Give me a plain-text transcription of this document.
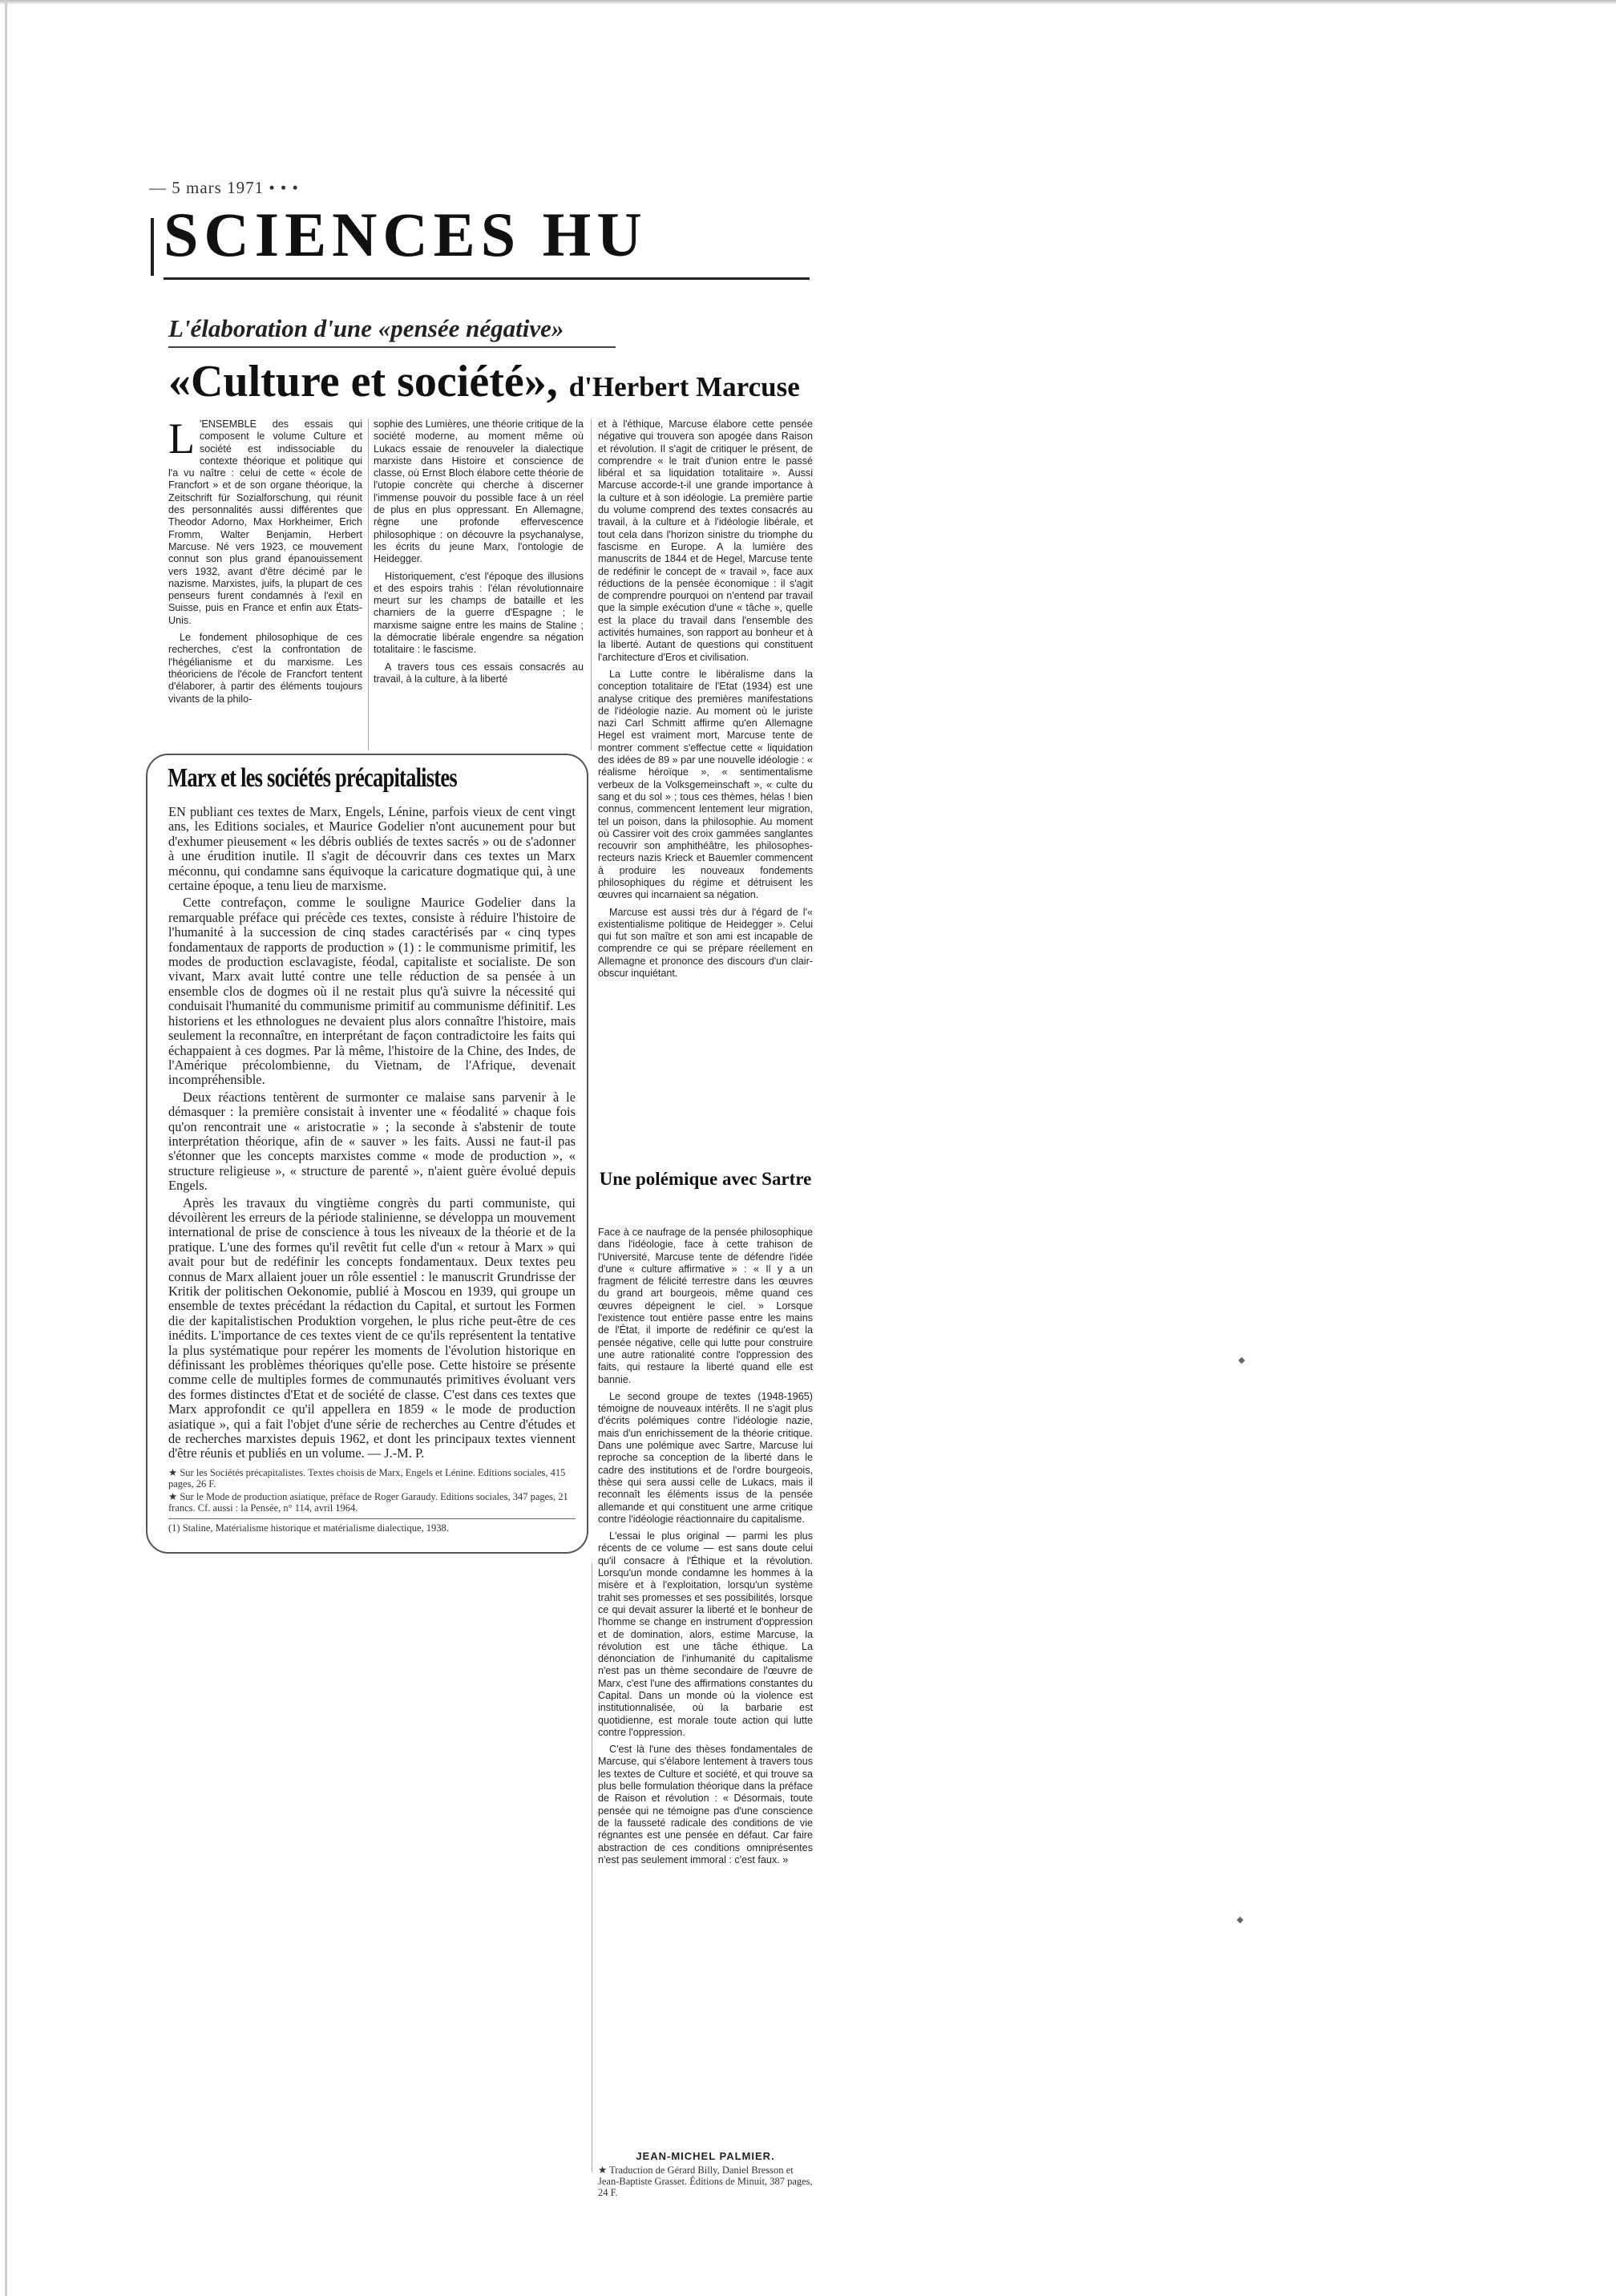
— 5 mars 1971 • • •
SCIENCES HU
L'élaboration d'une «pensée négative»
«Culture et société», d'Herbert Marcuse
L 'ENSEMBLE des essais qui composent le volume Culture et société est indissociable du contexte théorique et politique qui l'a vu naître : celui de cette « école de Francfort » et de son organe théorique, la Zeitschrift für Sozialforschung, qui réunit des personnalités aussi différentes que Theodor Adorno, Max Horkheimer, Erich Fromm, Walter Benjamin, Herbert Marcuse. Né vers 1923, ce mouvement connut son plus grand épanouissement vers 1932, avant d'être décimé par le nazisme. Marxistes, juifs, la plupart de ces penseurs furent condamnés à l'exil en Suisse, puis en France et enfin aux États-Unis.

Le fondement philosophique de ces recherches, c'est la confrontation de l'hégélianisme et du marxisme. Les théoriciens de l'école de Francfort tentent d'élaborer, à partir des éléments toujours vivants de la philo-

sophie des Lumières, une théorie critique de la société moderne, au moment même où Lukacs essaie de renouveler la dialectique marxiste dans Histoire et conscience de classe, où Ernst Bloch élabore cette théorie de l'utopie concrète qui cherche à discerner l'immense pouvoir du possible face à un réel de plus en plus oppressant. En Allemagne, règne une profonde effervescence philosophique : on découvre la psychanalyse, les écrits du jeune Marx, l'ontologie de Heidegger.

Historiquement, c'est l'époque des illusions et des espoirs trahis : l'élan révolutionnaire meurt sur les champs de bataille et les charniers de la guerre d'Espagne ; le marxisme saigne entre les mains de Staline ; la démocratie libérale engendre sa négation totalitaire : le fascisme.

A travers tous ces essais consacrés au travail, à la culture, à la liberté

et à l'éthique, Marcuse élabore cette pensée négative qui trouvera son apogée dans Raison et révolution. Il s'agit de critiquer le présent, de comprendre « le trait d'union entre le passé libéral et sa liquidation totalitaire ». Aussi Marcuse accorde-t-il une grande importance à la culture et à son idéologie. La première partie du volume comprend des textes consacrés au travail, à la culture et à l'idéologie libérale, et tout cela dans l'horizon sinistre du triomphe du fascisme en Europe. A la lumière des manuscrits de 1844 et de Hegel, Marcuse tente de redéfinir le concept de « travail », face aux réductions de la pensée économique : il s'agit de comprendre pourquoi on n'entend par travail que la simple exécution d'une « tâche », quelle est la place du travail dans l'ensemble des activités humaines, son rapport au bonheur et à la liberté. Autant de questions qui constituent l'architecture d'Eros et civilisation.

La Lutte contre le libéralisme dans la conception totalitaire de l'Etat (1934) est une analyse critique des premières manifestations de l'idéologie nazie. Au moment où le juriste nazi Carl Schmitt affirme qu'en Allemagne Hegel est vraiment mort, Marcuse tente de montrer comment s'effectue cette « liquidation des idées de 89 » par une nouvelle idéologie : « réalisme héroïque », « sentimentalisme verbeux de la Volksgemeinschaft », « culte du sang et du sol » ; tous ces thèmes, hélas ! bien connus, commencent lentement leur migration, tel un poison, dans la philosophie. Au moment où Cassirer voit des croix gammées sanglantes recouvrir son amphithéâtre, les philosophes-recteurs nazis Krieck et Bauemler commencent à produire les nouveaux fondements philosophiques du régime et détruisent les œuvres qui incarnaient sa négation.

Marcuse est aussi très dur à l'égard de l'« existentialisme politique de Heidegger ». Celui qui fut son maître et son ami est incapable de comprendre ce qui se prépare réellement en Allemagne et prononce des discours d'un clair-obscur inquiétant.

Une polémique avec Sartre

Face à ce naufrage de la pensée philosophique dans l'idéologie, face à cette trahison de l'Université, Marcuse tente de défendre l'idée d'une « culture affirmative » : « Il y a un fragment de félicité terrestre dans les œuvres du grand art bourgeois, même quand ces œuvres dépeignent le ciel. » Lorsque l'existence tout entière passe entre les mains de l'État, il importe de redéfinir ce qu'est la pensée négative, celle qui lutte pour construire une autre rationalité contre l'oppression des faits, qui restaure la liberté quand elle est bannie.

Le second groupe de textes (1948-1965) témoigne de nouveaux intérêts. Il ne s'agit plus d'écrits polémiques contre l'idéologie nazie, mais d'un enrichissement de la théorie critique. Dans une polémique avec Sartre, Marcuse lui reproche sa conception de la liberté dans le cadre des institutions et de l'ordre bourgeois, thèse qui sera aussi celle de Lukacs, mais il reconnaît les éléments issus de la pensée allemande et qui constituent une arme critique contre l'idéologie réactionnaire du capitalisme.

L'essai le plus original — parmi les plus récents de ce volume — est sans doute celui qu'il consacre à l'Éthique et la révolution. Lorsqu'un monde condamne les hommes à la misère et à l'exploitation, lorsqu'un système trahit ses promesses et ses possibilités, lorsque ce qui devait assurer la liberté et le bonheur de l'homme se change en instrument d'oppression et de domination, alors, estime Marcuse, la révolution est une tâche éthique. La dénonciation de l'inhumanité du capitalisme n'est pas un thème secondaire de l'œuvre de Marx, c'est l'une des affirmations constantes du Capital. Dans un monde où la violence est institutionnalisée, où la barbarie est quotidienne, est morale toute action qui lutte contre l'oppression.

C'est là l'une des thèses fondamentales de Marcuse, qui s'élabore lentement à travers tous les textes de Culture et société, et qui trouve sa plus belle formulation théorique dans la préface de Raison et révolution : « Désormais, toute pensée qui ne témoigne pas d'une conscience de la fausseté radicale des conditions de vie régnantes est une pensée en défaut. Car faire abstraction de ces conditions omniprésentes n'est pas seulement immoral : c'est faux. »

JEAN-MICHEL PALMIER.
★ Traduction de Gérard Billy, Daniel Bresson et Jean-Baptiste Grasset. Éditions de Minuit, 387 pages, 24 F.
Marx et les sociétés précapitalistes

EN publiant ces textes de Marx, Engels, Lénine, parfois vieux de cent vingt ans, les Editions sociales, et Maurice Godelier n'ont aucunement pour but d'exhumer pieusement « les débris oubliés de textes sacrés » ou de s'adonner à une érudition inutile. Il s'agit de découvrir dans ces textes un Marx méconnu, qui condamne sans équivoque la caricature dogmatique qui, à une certaine époque, a tenu lieu de marxisme.

Cette contrefaçon, comme le souligne Maurice Godelier dans la remarquable préface qui précède ces textes, consiste à réduire l'histoire de l'humanité à la succession de cinq stades caractérisés par « cinq types fondamentaux de rapports de production » (1) : le communisme primitif, les modes de production esclavagiste, féodal, capitaliste et socialiste. De son vivant, Marx avait lutté contre une telle réduction de sa pensée à un ensemble clos de dogmes où il ne restait plus qu'à suivre la nécessité qui conduisait l'humanité du communisme primitif au communisme définitif. Les historiens et les ethnologues ne devaient plus alors connaître l'histoire, mais seulement la reconnaître, en interprétant de façon contradictoire les faits qui échappaient à ces dogmes. Par là même, l'histoire de la Chine, des Indes, de l'Amérique précolombienne, du Vietnam, de l'Afrique, devenait incompréhensible.

Deux réactions tentèrent de surmonter ce malaise sans parvenir à le démasquer : la première consistait à inventer une « féodalité » chaque fois qu'on rencontrait une « aristocratie » ; la seconde à s'abstenir de toute interprétation théorique, afin de « sauver » les faits. Aussi ne faut-il pas s'étonner que les concepts marxistes comme « mode de production », « structure religieuse », « structure de parenté », n'aient guère évolué depuis Engels.

Après les travaux du vingtième congrès du parti communiste, qui dévoilèrent les erreurs de la période stalinienne, se développa un mouvement international de prise de conscience à tous les niveaux de la théorie et de la pratique. L'une des formes qu'il revêtit fut celle d'un « retour à Marx » qui avait pour but de redéfinir les concepts fondamentaux. Deux textes peu connus de Marx allaient jouer un rôle essentiel : le manuscrit Grundrisse der Kritik der politischen Oekonomie, publié à Moscou en 1939, qui groupe un ensemble de textes précédant la rédaction du Capital, et surtout les Formen die der kapitalistischen Produktion vorgehen, le plus riche peut-être de ces inédits. L'importance de ces textes vient de ce qu'ils représentent la tentative la plus systématique pour repérer les moments de l'évolution historique en définissant les problèmes théoriques qu'elle pose. Cette histoire se présente comme celle de multiples formes de communautés primitives évoluant vers des formes distinctes d'Etat et de société de classe. C'est dans ces textes que Marx approfondit ce qu'il appellera en 1859 « le mode de production asiatique », qui a fait l'objet d'une série de recherches au Centre d'études et de recherches marxistes depuis 1962, et dont les principaux textes viennent d'être réunis et publiés en un volume. — J.-M. P.

★ Sur les Sociétés précapitalistes. Textes choisis de Marx, Engels et Lénine. Editions sociales, 415 pages, 26 F.

★ Sur le Mode de production asiatique, préface de Roger Garaudy. Editions sociales, 347 pages, 21 francs. Cf. aussi : la Pensée, n° 114, avril 1964.

(1) Staline, Matérialisme historique et matérialisme dialectique, 1938.
